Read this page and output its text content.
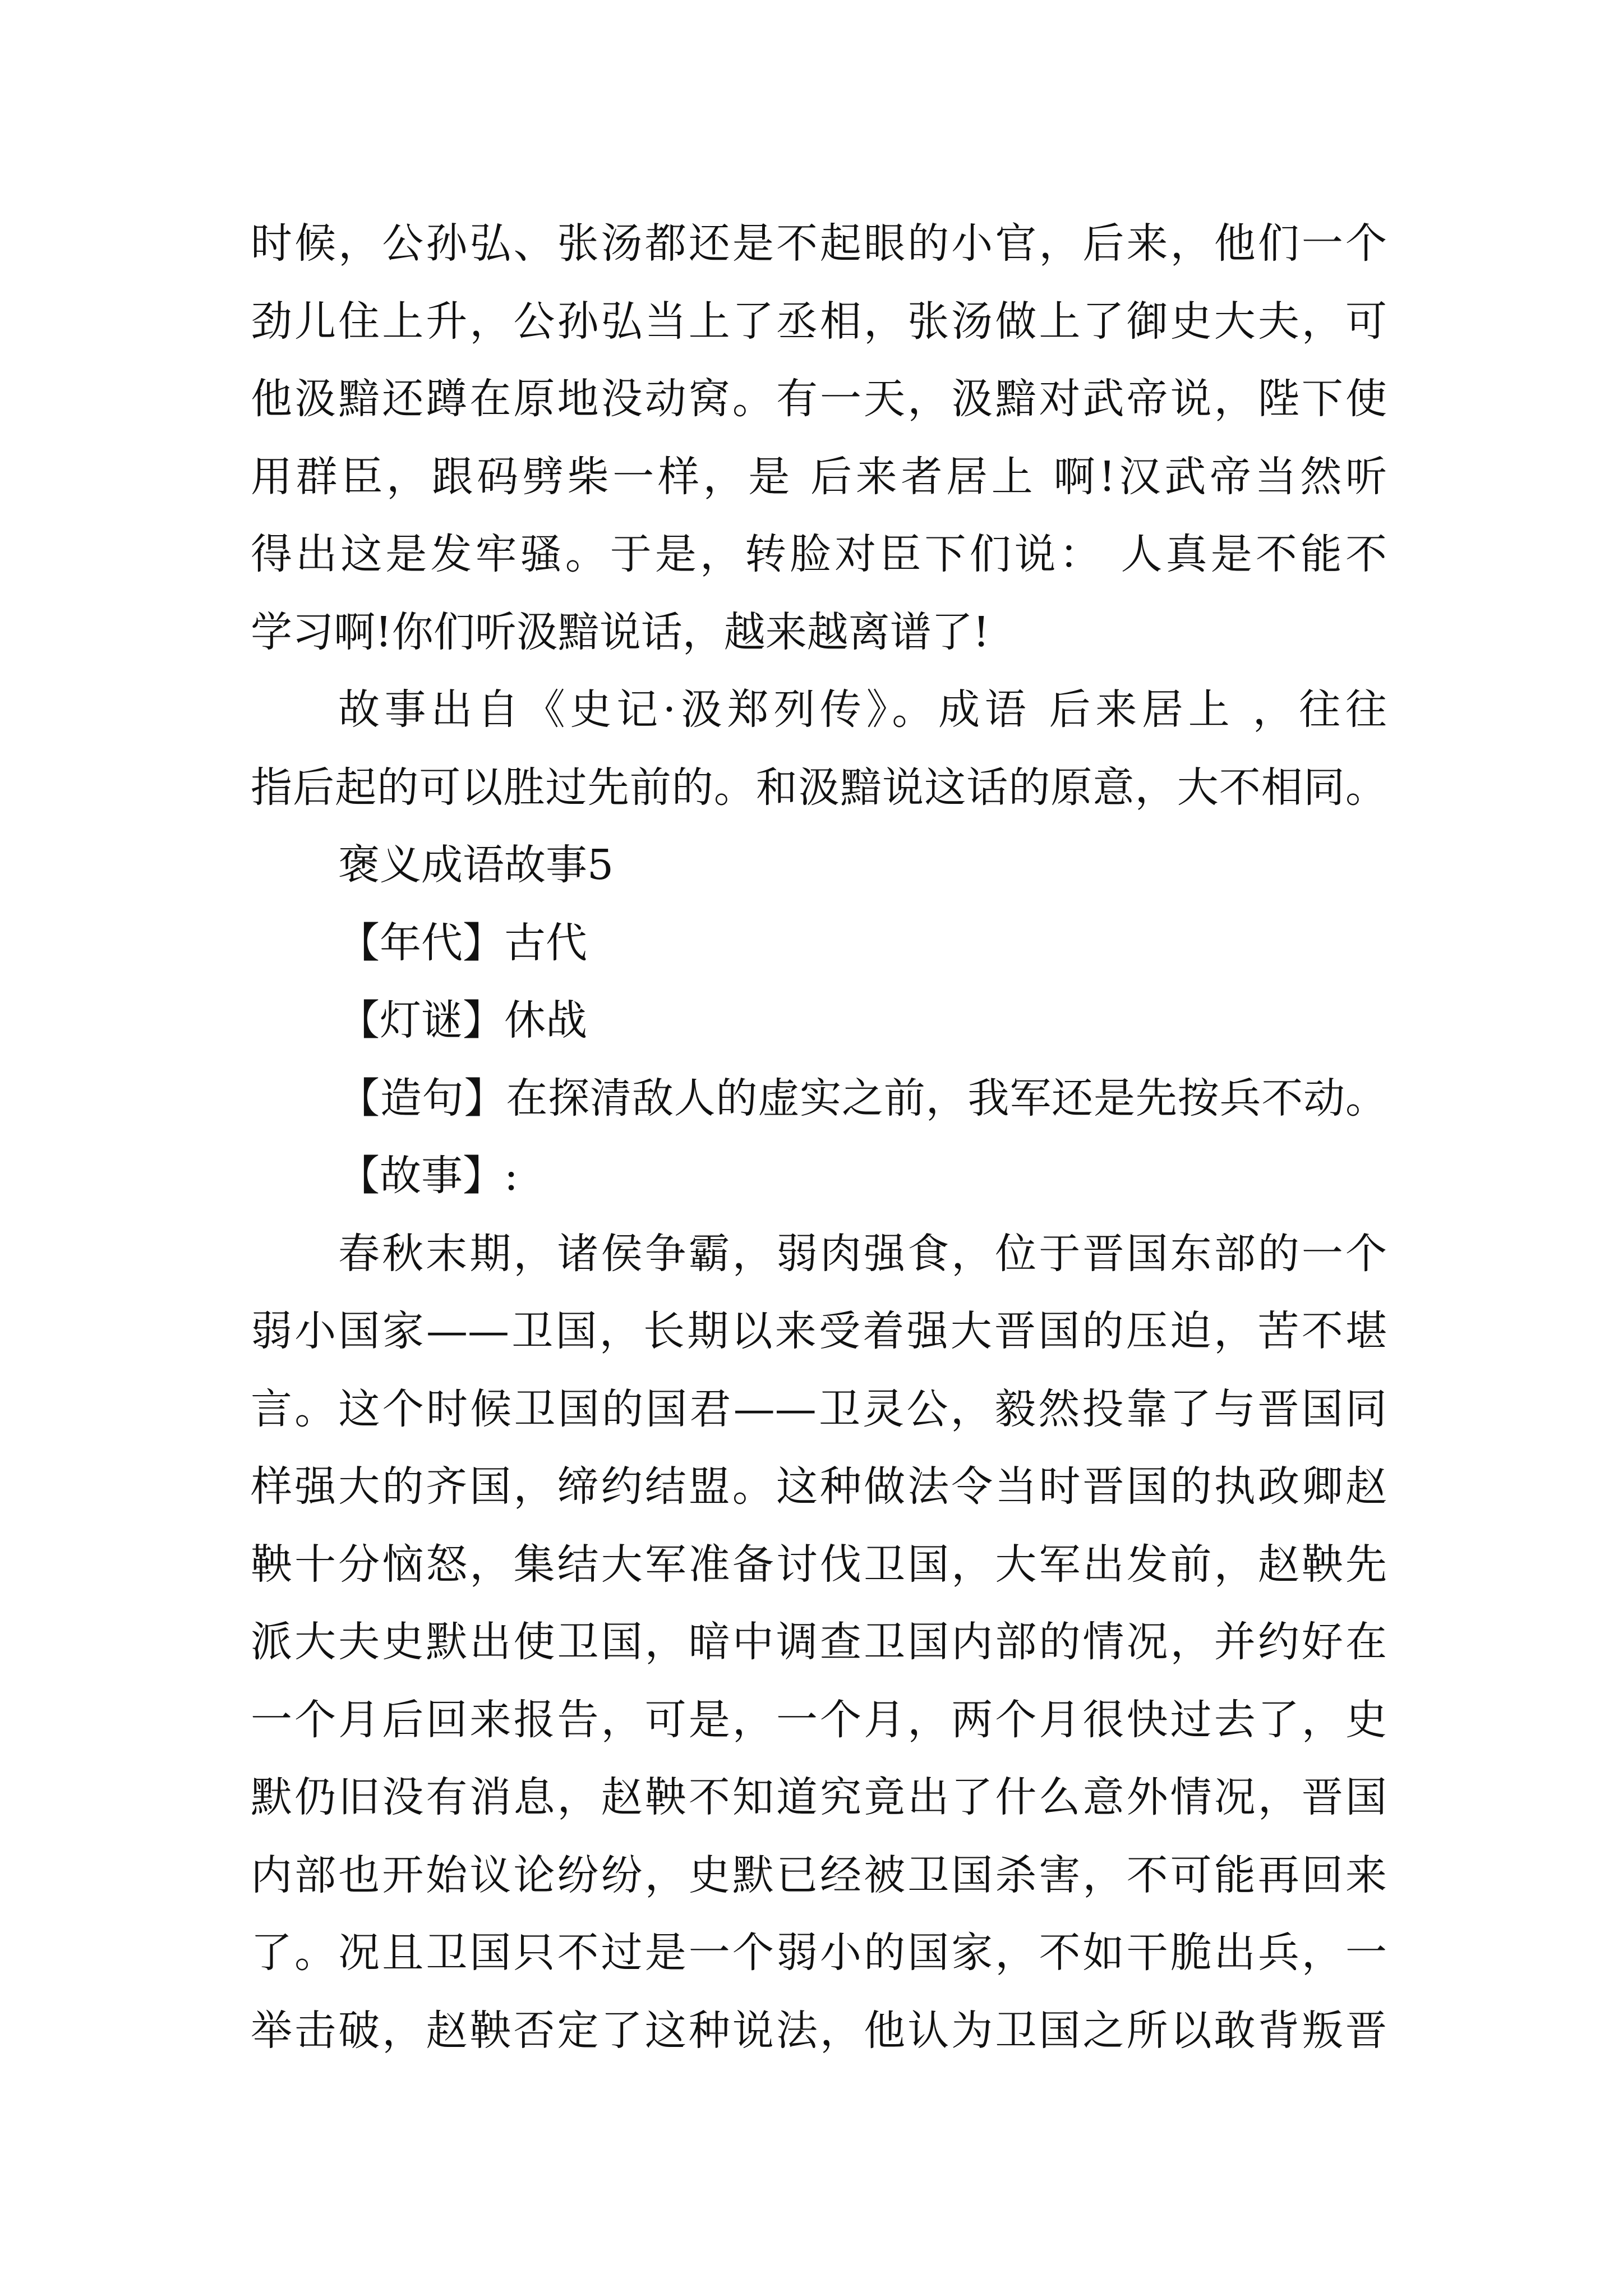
时候，公孙弘、张汤都还是不起眼的小官，后来，他们一个
劲儿住上升，公孙弘当上了丞相，张汤做上了御史大夫，可
他汲黯还蹲在原地没动窝。有一天，汲黯对武帝说，陛下使
用群臣，跟码劈柴一样，是 后来者居上 啊!汉武帝当然听
得出这是发牢骚。于是，转脸对臣下们说： 人真是不能不
学习啊!你们听汲黯说话，越来越离谱了!
故事出自《史记·汲郑列传》。成语 后来居上 ，往往
指后起的可以胜过先前的。和汲黯说这话的原意，大不相同。
褒义成语故事5
【年代】古代
【灯谜】休战
【造句】在探清敌人的虚实之前，我军还是先按兵不动。
【故事】:
春秋末期，诸侯争霸，弱肉强食，位于晋国东部的一个
弱小国家——卫国，长期以来受着强大晋国的压迫，苦不堪
言。这个时候卫国的国君——卫灵公，毅然投靠了与晋国同
样强大的齐国，缔约结盟。这种做法令当时晋国的执政卿赵
鞅十分恼怒，集结大军准备讨伐卫国，大军出发前，赵鞅先
派大夫史默出使卫国，暗中调查卫国内部的情况，并约好在
一个月后回来报告，可是，一个月，两个月很快过去了，史
默仍旧没有消息，赵鞅不知道究竟出了什么意外情况，晋国
内部也开始议论纷纷，史默已经被卫国杀害，不可能再回来
了。况且卫国只不过是一个弱小的国家，不如干脆出兵，一
举击破，赵鞅否定了这种说法，他认为卫国之所以敢背叛晋
